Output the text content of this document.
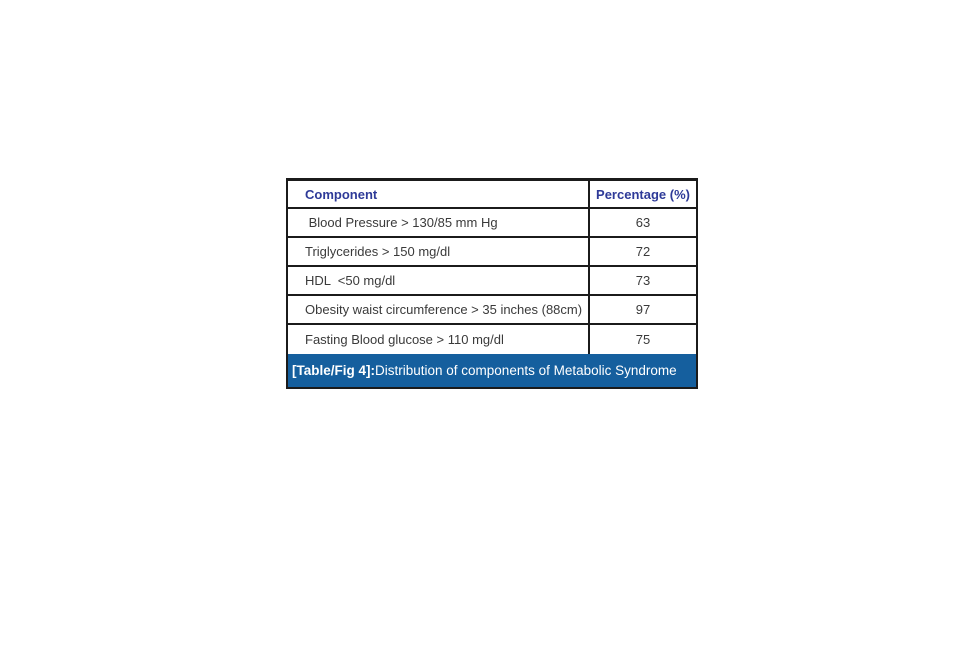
Component	Percentage (%)
Blood Pressure > 130/85 mm Hg	63
Triglycerides > 150 mg/dl	72
HDL  <50 mg/dl	73
Obesity waist circumference > 35 inches (88cm)	97
Fasting Blood glucose > 110 mg/dl	75
[Table/Fig 4]: Distribution of components of Metabolic Syndrome
